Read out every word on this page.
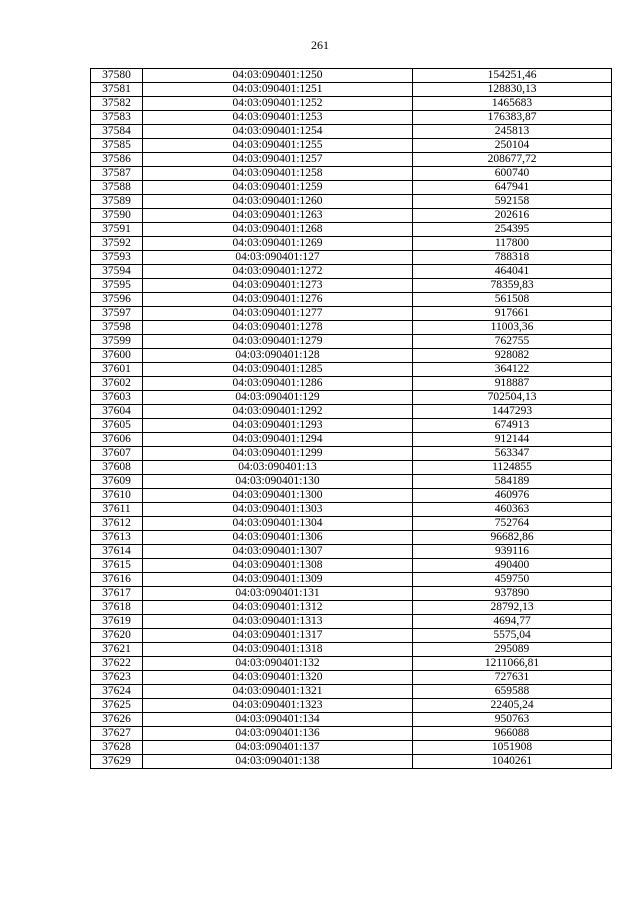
261
37580	04:03:090401:1250	154251,46
37581	04:03:090401:1251	128830,13
37582	04:03:090401:1252	1465683
37583	04:03:090401:1253	176383,87
37584	04:03:090401:1254	245813
37585	04:03:090401:1255	250104
37586	04:03:090401:1257	208677,72
37587	04:03:090401:1258	600740
37588	04:03:090401:1259	647941
37589	04:03:090401:1260	592158
37590	04:03:090401:1263	202616
37591	04:03:090401:1268	254395
37592	04:03:090401:1269	117800
37593	04:03:090401:127	788318
37594	04:03:090401:1272	464041
37595	04:03:090401:1273	78359,83
37596	04:03:090401:1276	561508
37597	04:03:090401:1277	917661
37598	04:03:090401:1278	11003,36
37599	04:03:090401:1279	762755
37600	04:03:090401:128	928082
37601	04:03:090401:1285	364122
37602	04:03:090401:1286	918887
37603	04:03:090401:129	702504,13
37604	04:03:090401:1292	1447293
37605	04:03:090401:1293	674913
37606	04:03:090401:1294	912144
37607	04:03:090401:1299	563347
37608	04:03:090401:13	1124855
37609	04:03:090401:130	584189
37610	04:03:090401:1300	460976
37611	04:03:090401:1303	460363
37612	04:03:090401:1304	752764
37613	04:03:090401:1306	96682,86
37614	04:03:090401:1307	939116
37615	04:03:090401:1308	490400
37616	04:03:090401:1309	459750
37617	04:03:090401:131	937890
37618	04:03:090401:1312	28792,13
37619	04:03:090401:1313	4694,77
37620	04:03:090401:1317	5575,04
37621	04:03:090401:1318	295089
37622	04:03:090401:132	1211066,81
37623	04:03:090401:1320	727631
37624	04:03:090401:1321	659588
37625	04:03:090401:1323	22405,24
37626	04:03:090401:134	950763
37627	04:03:090401:136	966088
37628	04:03:090401:137	1051908
37629	04:03:090401:138	1040261
